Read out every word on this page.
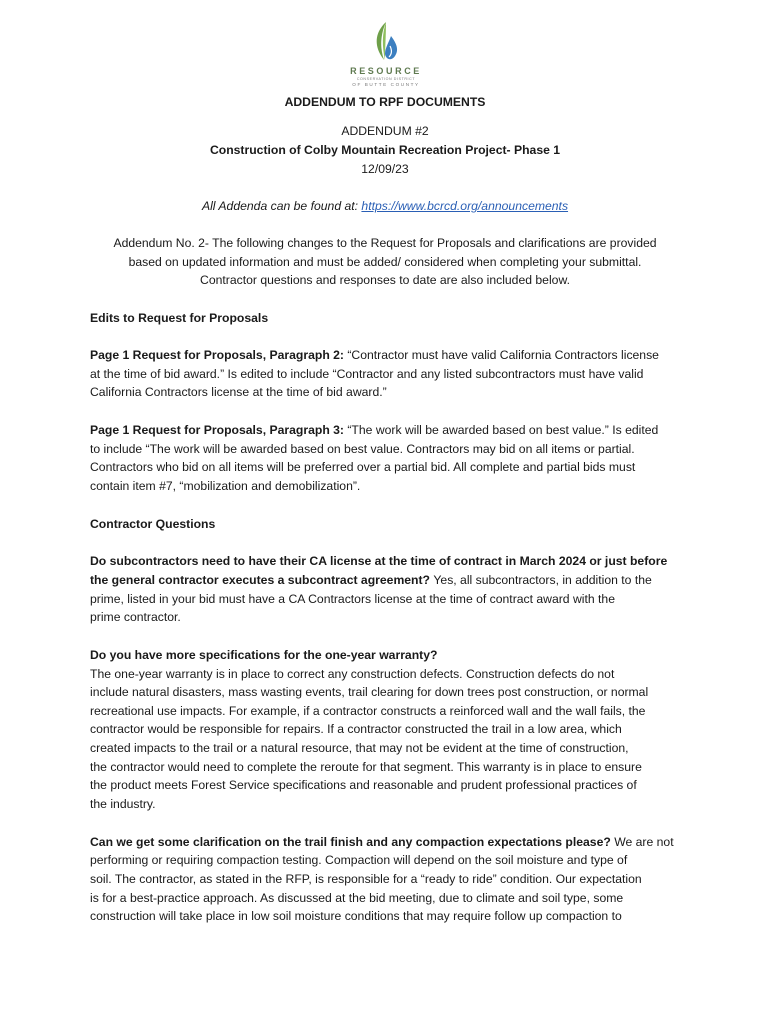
RESOURCE
CONSERVATION DISTRICT
OF BUTTE COUNTY
ADDENDUM TO RPF DOCUMENTS
ADDENDUM #2
Construction of Colby Mountain Recreation Project- Phase 1
12/09/23
All Addenda can be found at: https://www.bcrcd.org/announcements
Addendum No. 2- The following changes to the Request for Proposals and clarifications are provided
based on updated information and must be added/ considered when completing your submittal.
Contractor questions and responses to date are also included below.
Edits to Request for Proposals
Page 1 Request for Proposals, Paragraph 2: “Contractor must have valid California Contractors license
at the time of bid award.” Is edited to include “Contractor and any listed subcontractors must have valid
California Contractors license at the time of bid award.”
Page 1 Request for Proposals, Paragraph 3: “The work will be awarded based on best value.” Is edited
to include “The work will be awarded based on best value. Contractors may bid on all items or partial.
Contractors who bid on all items will be preferred over a partial bid. All complete and partial bids must
contain item #7, “mobilization and demobilization”.
Contractor Questions
Do subcontractors need to have their CA license at the time of contract in March 2024 or just before
the general contractor executes a subcontract agreement? Yes, all subcontractors, in addition to the
prime, listed in your bid must have a CA Contractors license at the time of contract award with the
prime contractor.
Do you have more specifications for the one-year warranty?
The one-year warranty is in place to correct any construction defects. Construction defects do not
include natural disasters, mass wasting events, trail clearing for down trees post construction, or normal
recreational use impacts. For example, if a contractor constructs a reinforced wall and the wall fails, the
contractor would be responsible for repairs. If a contractor constructed the trail in a low area, which
created impacts to the trail or a natural resource, that may not be evident at the time of construction,
the contractor would need to complete the reroute for that segment. This warranty is in place to ensure
the product meets Forest Service specifications and reasonable and prudent professional practices of
the industry.
Can we get some clarification on the trail finish and any compaction expectations please? We are not
performing or requiring compaction testing. Compaction will depend on the soil moisture and type of
soil. The contractor, as stated in the RFP, is responsible for a “ready to ride” condition. Our expectation
is for a best-practice approach. As discussed at the bid meeting, due to climate and soil type, some
construction will take place in low soil moisture conditions that may require follow up compaction to
